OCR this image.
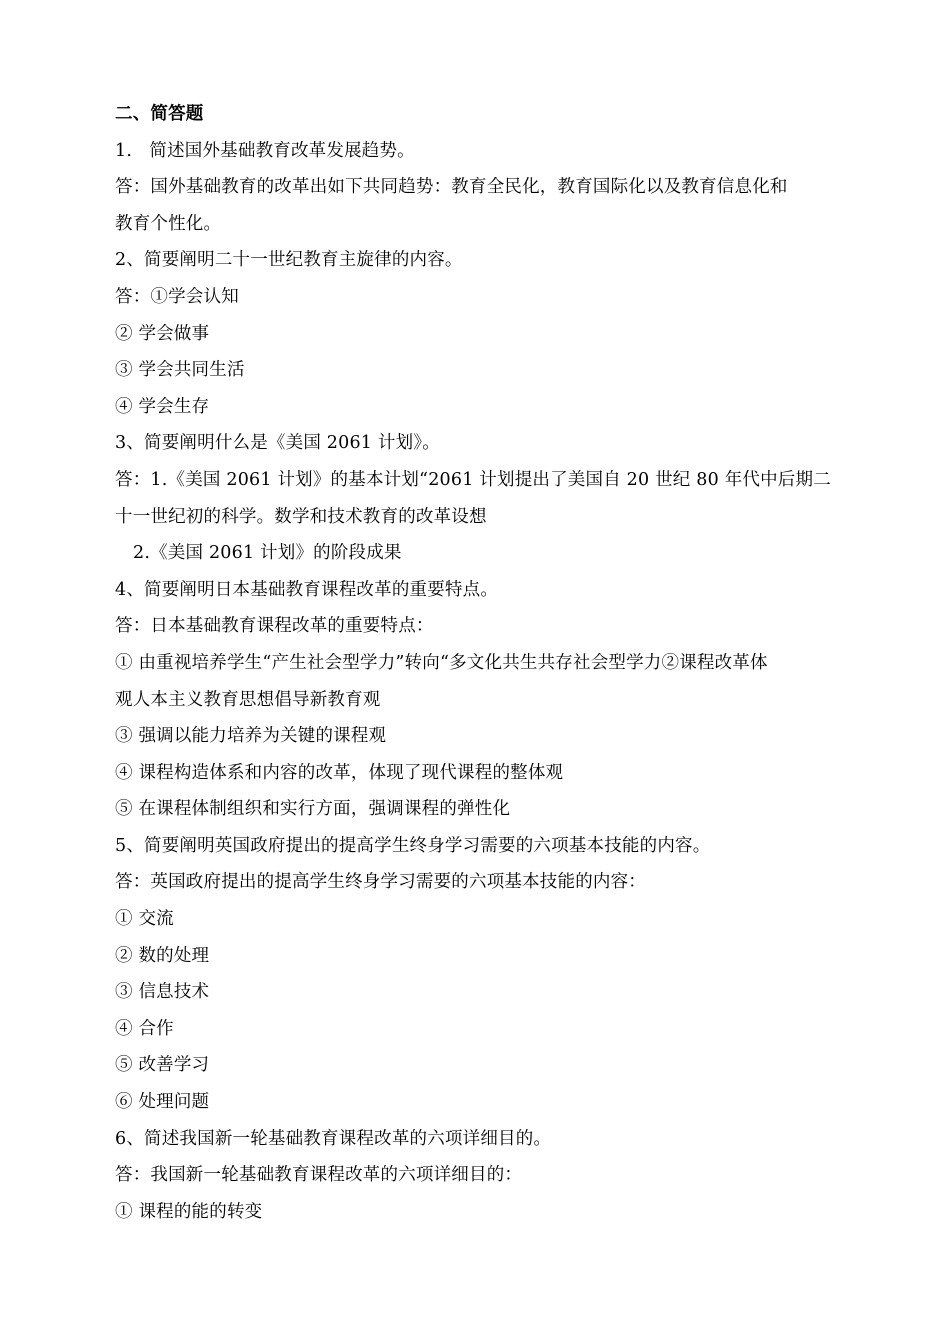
二、简答题
1.   简述国外基础教育改革发展趋势。
答：国外基础教育的改革出如下共同趋势：教育全民化，教育国际化以及教育信息化和
教育个性化。
2、简要阐明二十一世纪教育主旋律的内容。
答：①学会认知
② 学会做事
③ 学会共同生活
④ 学会生存
3、简要阐明什么是《美国 2061 计划》。
答：1.《美国 2061 计划》的基本计划“2061 计划提出了美国自 20 世纪 80 年代中后期二
十一世纪初的科学。数学和技术教育的改革设想
2.《美国 2061 计划》的阶段成果
4、简要阐明日本基础教育课程改革的重要特点。
答：日本基础教育课程改革的重要特点：
① 由重视培养学生“产生社会型学力”转向“多文化共生共存社会型学力②课程改革体
观人本主义教育思想倡导新教育观
③ 强调以能力培养为关键的课程观
④ 课程构造体系和内容的改革，体现了现代课程的整体观
⑤ 在课程体制组织和实行方面，强调课程的弹性化
5、简要阐明英国政府提出的提高学生终身学习需要的六项基本技能的内容。
答：英国政府提出的提高学生终身学习需要的六项基本技能的内容：
① 交流
② 数的处理
③ 信息技术
④ 合作
⑤ 改善学习
⑥ 处理问题
6、简述我国新一轮基础教育课程改革的六项详细目的。
答：我国新一轮基础教育课程改革的六项详细目的：
① 课程的能的转变
